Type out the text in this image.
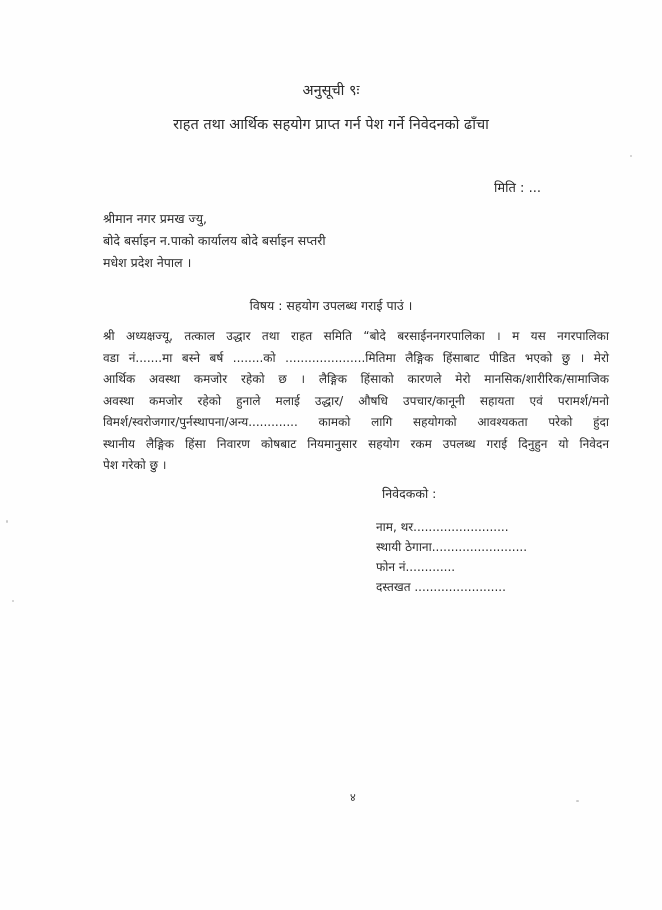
अनुसूची ९ः
राहत तथा आर्थिक सहयोग प्राप्त गर्न पेश गर्ने निवेदनको ढाँचा
मिति : ...
श्रीमान नगर प्रमख ज्यु,
बोदे बर्साइन न.पाको कार्यालय बोदे बर्साइन सप्तरी
मधेश प्रदेश नेपाल ।
विषय : सहयोग उपलब्ध गराई पाउं ।
श्री अध्यक्षज्यू, तत्काल उद्धार तथा राहत समिति “बोदे बरसाईननगरपालिका । म यस नगरपालिका
वडा नं.......मा बस्ने बर्ष ........को .....................मितिमा लैङ्गिक हिंसाबाट पीडित भएको छु । मेरो
आर्थिक अवस्था कमजोर रहेको छ । लैङ्गिक हिंसाको कारणले मेरो मानसिक/शारीरिक/सामाजिक
अवस्था कमजोर रहेको हुनाले मलाई उद्धार/ औषधि उपचार/कानूनी सहायता एवं परामर्श/मनो
विमर्श/स्वरोजगार/पुर्नस्थापना/अन्य............. कामको लागि सहयोगको आवश्यकता परेको हुंदा
स्थानीय लैङ्गिक हिंसा निवारण कोषबाट नियमानुसार सहयोग रकम उपलब्ध गराई दिनुहुन यो निवेदन
पेश गरेको छु ।
निवेदकको :
नाम, थर.........................
स्थायी ठेगाना.........................
फोन नं.............
दस्तखत ........................
४
